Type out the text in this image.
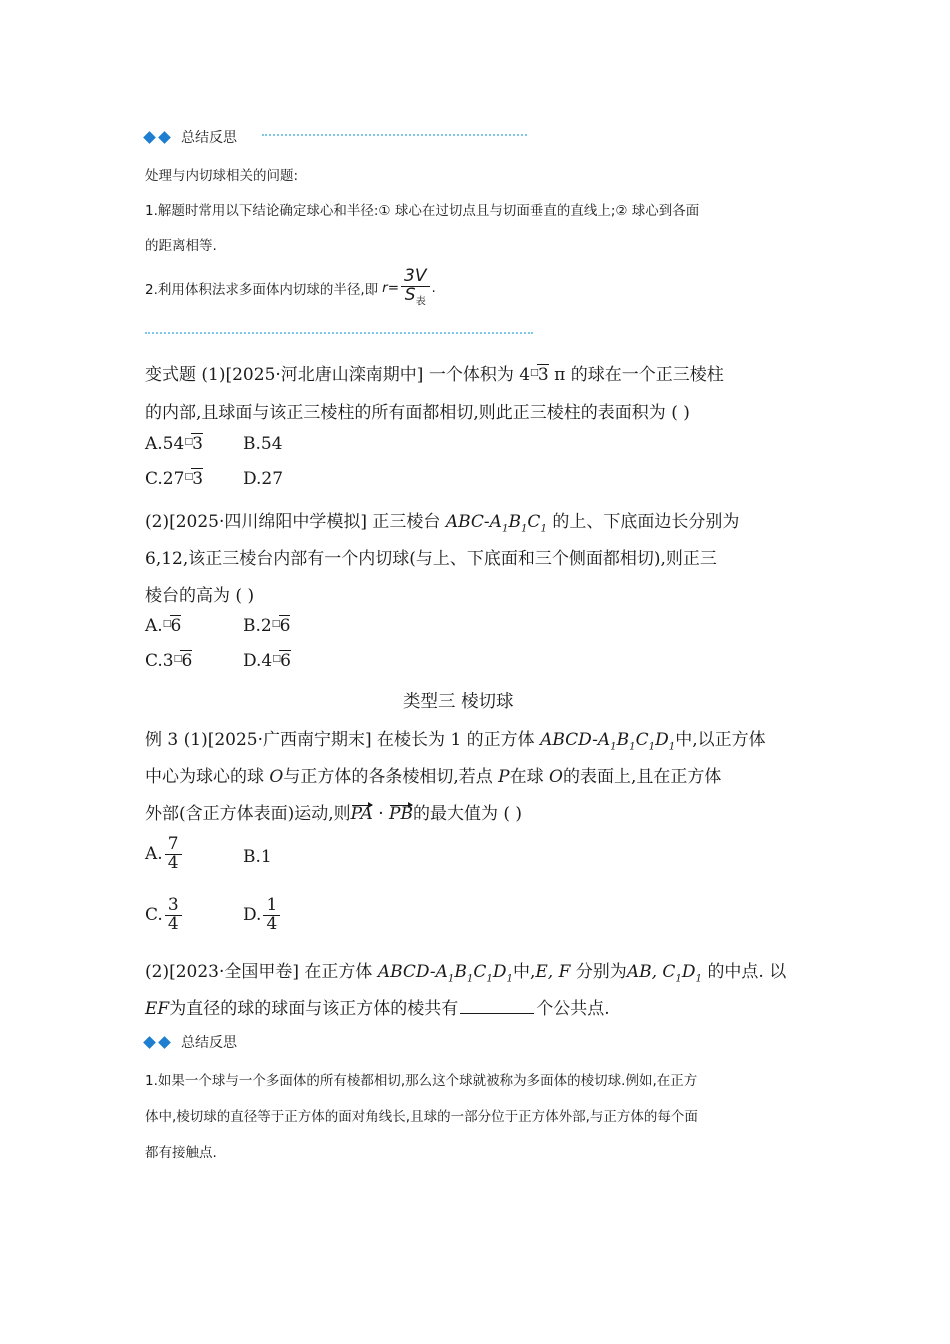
总结反思
处理与内切球相关的问题:
1.解题时常用以下结论确定球心和半径:① 球心在过切点且与切面垂直的直线上;② 球心到各面
的距离相等.
2.利用体积法求多面体内切球的半径,即 $r= \frac{3V}{S_表}$ .
变式题 (1)[2025·河北唐山滦南期中] 一个体积为 4□3 π 的球在一个正三棱柱
的内部,且球面与该正三棱柱的所有面都相切,则此正三棱柱的表面积为 ( )
A.54□3 B.54
C.27□3 D.27
(2)[2025·四川绵阳中学模拟] 正三棱台 ABC-$A_1B_1C_1$ 的上、下底面边长分别为
6,12,该正三棱台内部有一个内切球(与上、下底面和三个侧面都相切),则正三
棱台的高为 ( )
A.□6	B.2□6
C.3□6	D.4□6
类型三 棱切球
例 3 (1)[2025·广西南宁期末] 在棱长为 1 的正方体 ABCD-$A_1B_1C_1D_1$中,以正方体
中心为球心的球 O与正方体的各条棱相切,若点 P在球 O的表面上,且在正方体
外部(含正方体表面)运动,则PA · PB的最大值为 ( )
A. $\frac{7}{4}$	B.1
C. $\frac{3}{4}$	D. $\frac{1}{4}$
(2)[2023·全国甲卷] 在正方体 ABCD-$A_1B_1C_1D_1$中,E, F 分别为AB, $C_1D_1$ 的中点. 以
EF为直径的球的球面与该正方体的棱共有	个公共点.
总结反思
1.如果一个球与一个多面体的所有棱都相切,那么这个球就被称为多面体的棱切球.例如,在正方
体中,棱切球的直径等于正方体的面对角线长,且球的一部分位于正方体外部,与正方体的每个面
都有接触点.
